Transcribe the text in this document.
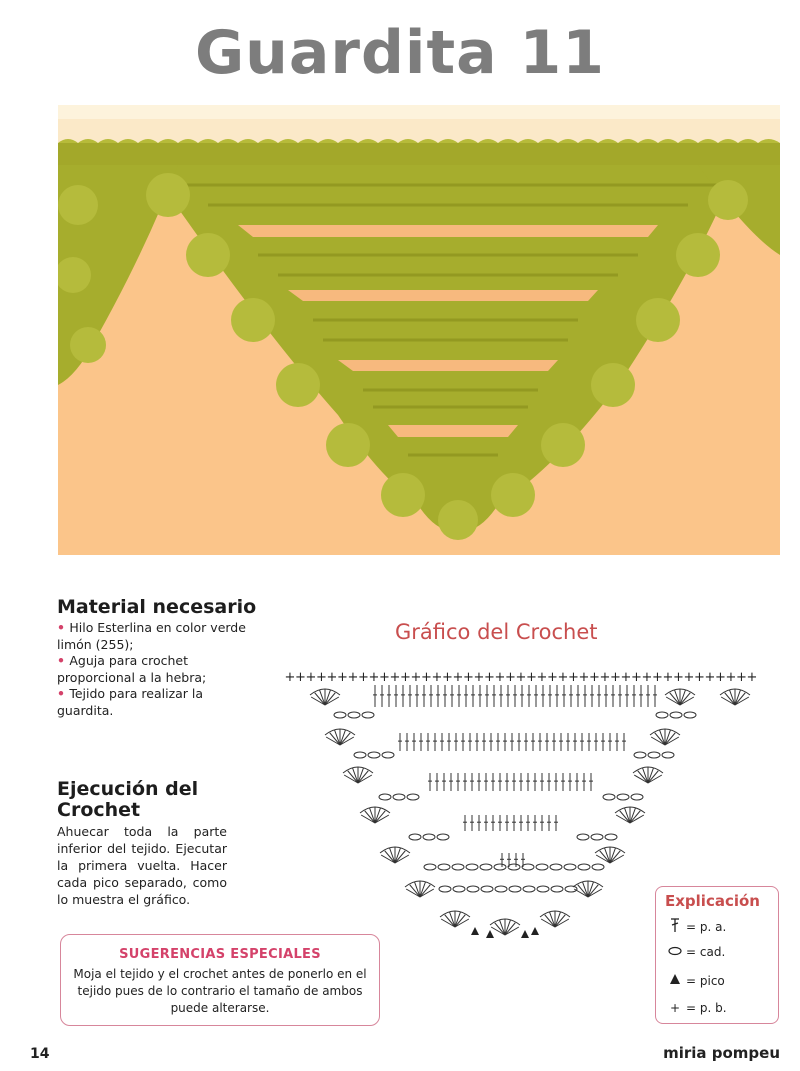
Guardita 11
Material necesario
• Hilo Esterlina en color verde limón (255);
• Aguja para crochet proporcional a la hebra;
• Tejido para realizar la guardita.
Ejecución del Crochet

Ahuecar toda la parte inferior del tejido. Ejecutar la primera vuelta. Hacer cada pico separado, como lo muestra el gráfico.

SUGERENCIAS ESPECIALES
Moja el tejido y el crochet antes de ponerlo en el tejido pues de lo contrario el tamaño de ambos puede alterarse.
Gráfico del Crochet
+ + + + + + + + + + + + + + + + + + + + + + + + + + + + + + + + + + + + + + + + + + + + +
Explicación
= p. a.
= cad.
= pico
+ = p. b.
14	miria pompeu
